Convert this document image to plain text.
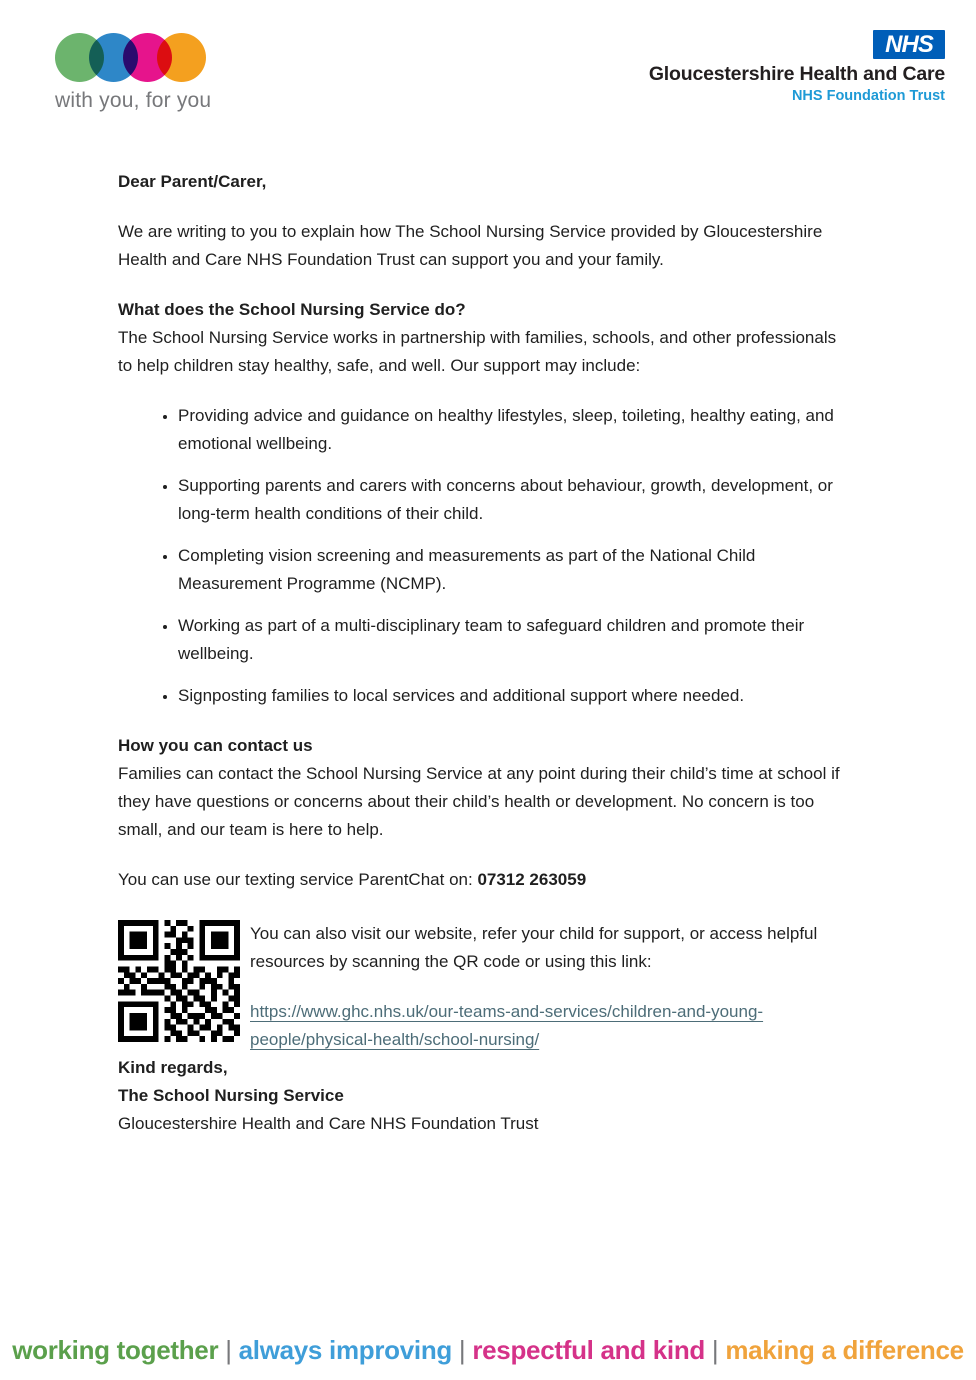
with you, for you
NHS
Gloucestershire Health and Care
NHS Foundation Trust

Dear Parent/Carer,

We are writing to you to explain how The School Nursing Service provided by Gloucestershire Health and Care NHS Foundation Trust can support you and your family.

What does the School Nursing Service do?

The School Nursing Service works in partnership with families, schools, and other professionals to help children stay healthy, safe, and well. Our support may include:

• Providing advice and guidance on healthy lifestyles, sleep, toileting, healthy eating, and emotional wellbeing.
• Supporting parents and carers with concerns about behaviour, growth, development, or long-term health conditions of their child.
• Completing vision screening and measurements as part of the National Child Measurement Programme (NCMP).
• Working as part of a multi-disciplinary team to safeguard children and promote their wellbeing.
• Signposting families to local services and additional support where needed.
How you can contact us

Families can contact the School Nursing Service at any point during their child’s time at school if they have questions or concerns about their child’s health or development. No concern is too small, and our team is here to help.

You can use our texting service ParentChat on: 07312 263059

You can also visit our website, refer your child for support, or access helpful resources by scanning the QR code or using this link:

https://www.ghc.nhs.uk/our-teams-and-services/children-and-young-
people/physical-health/school-nursing/

Kind regards,
The School Nursing Service
Gloucestershire Health and Care NHS Foundation Trust

working together | always improving | respectful and kind | making a difference
